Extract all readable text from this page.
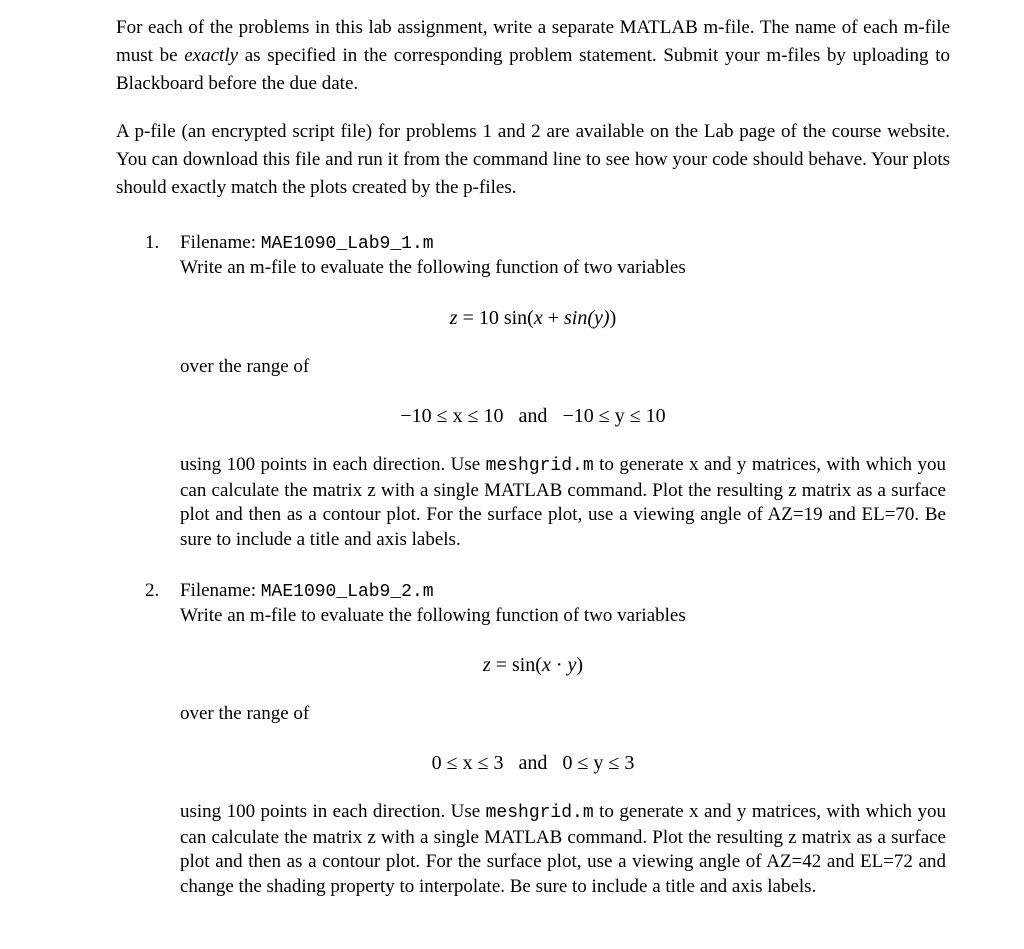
For each of the problems in this lab assignment, write a separate MATLAB m-file. The name of each m-file must be exactly as specified in the corresponding problem statement. Submit your m-files by uploading to Blackboard before the due date.
A p-file (an encrypted script file) for problems 1 and 2 are available on the Lab page of the course website. You can download this file and run it from the command line to see how your code should behave. Your plots should exactly match the plots created by the p-files.
1. Filename: MAE1090_Lab9_1.m
Write an m-file to evaluate the following function of two variables
z = 10 sin(x + sin(y))
over the range of
−10 ≤ x ≤ 10 and −10 ≤ y ≤ 10
using 100 points in each direction. Use meshgrid.m to generate x and y matrices, with which you can calculate the matrix z with a single MATLAB command. Plot the resulting z matrix as a surface plot and then as a contour plot. For the surface plot, use a viewing angle of AZ=19 and EL=70. Be sure to include a title and axis labels.
2. Filename: MAE1090_Lab9_2.m
Write an m-file to evaluate the following function of two variables
z = sin(x · y)
over the range of
0 ≤ x ≤ 3 and 0 ≤ y ≤ 3
using 100 points in each direction. Use meshgrid.m to generate x and y matrices, with which you can calculate the matrix z with a single MATLAB command. Plot the resulting z matrix as a surface plot and then as a contour plot. For the surface plot, use a viewing angle of AZ=42 and EL=72 and change the shading property to interpolate. Be sure to include a title and axis labels.
